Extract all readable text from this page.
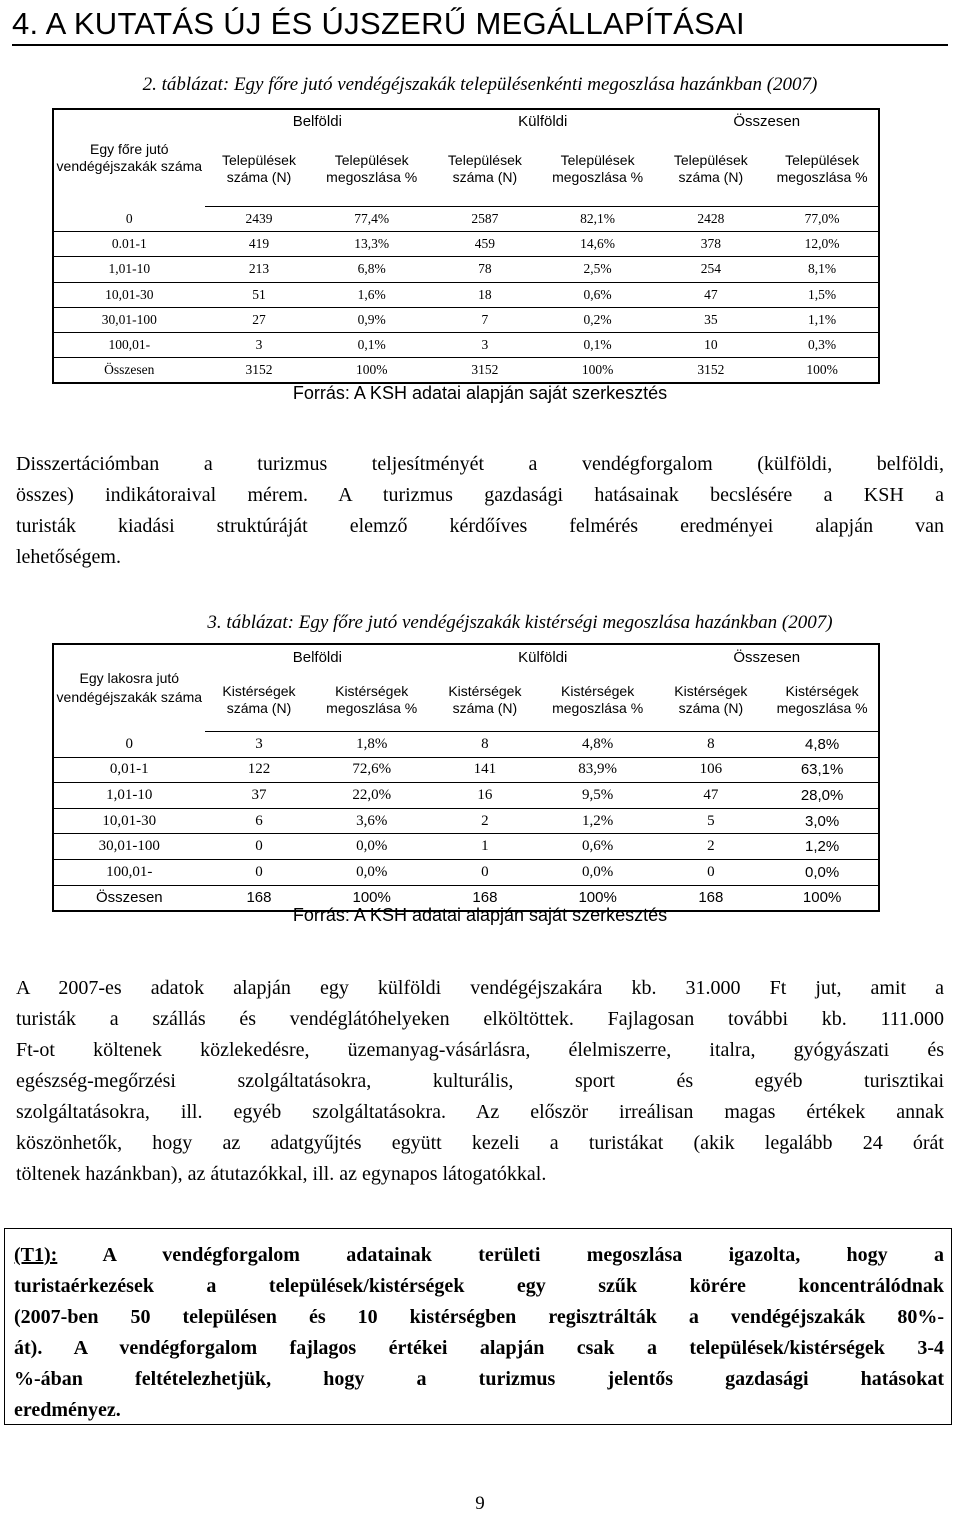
4. A KUTATÁS ÚJ ÉS ÚJSZERŰ MEGÁLLAPÍTÁSAI
2. táblázat: Egy főre jutó vendégéjszakák településenkénti megoszlása hazánkban (2007)
Egy főre jutó vendégéjszakák száma	Belföldi		Külföldi		Összesen	
	Települések száma (N)	Települések megoszlása %	Települések száma (N)	Települések megoszlása %	Települések száma (N)	Települések megoszlása %
0	2439	77,4%	2587	82,1%	2428	77,0%
0.01-1	419	13,3%	459	14,6%	378	12,0%
1,01-10	213	6,8%	78	2,5%	254	8,1%
10,01-30	51	1,6%	18	0,6%	47	1,5%
30,01-100	27	0,9%	7	0,2%	35	1,1%
100,01-	3	0,1%	3	0,1%	10	0,3%
Összesen	3152	100%	3152	100%	3152	100%
Forrás: A KSH adatai alapján saját szerkesztés
Disszertációmban a turizmus teljesítményét a vendégforgalom (külföldi, belföldi,
összes) indikátoraival mérem. A turizmus gazdasági hatásainak becslésére a KSH a
turisták kiadási struktúráját elemző kérdőíves felmérés eredményei alapján van
lehetőségem.
3. táblázat: Egy főre jutó vendégéjszakák kistérségi megoszlása hazánkban (2007)
Egy lakosra jutó vendégéjszakák száma	Belföldi		Külföldi		Összesen	
	Kistérségek száma (N)	Kistérségek megoszlása %	Kistérségek száma (N)	Kistérségek megoszlása %	Kistérségek száma (N)	Kistérségek megoszlása %
0	3	1,8%	8	4,8%	8	4,8%
0,01-1	122	72,6%	141	83,9%	106	63,1%
1,01-10	37	22,0%	16	9,5%	47	28,0%
10,01-30	6	3,6%	2	1,2%	5	3,0%
30,01-100	0	0,0%	1	0,6%	2	1,2%
100,01-	0	0,0%	0	0,0%	0	0,0%
Összesen	168	100%	168	100%	168	100%
Forrás: A KSH adatai alapján saját szerkesztés
A 2007-es adatok alapján egy külföldi vendégéjszakára kb. 31.000 Ft jut, amit a
turisták a szállás és vendéglátóhelyeken elköltöttek. Fajlagosan további kb. 111.000
Ft-ot költenek közlekedésre, üzemanyag-vásárlásra, élelmiszerre, italra, gyógyászati és
egészség-megőrzési szolgáltatásokra, kulturális, sport és egyéb turisztikai
szolgáltatásokra, ill. egyéb szolgáltatásokra. Az először irreálisan magas értékek annak
köszönhetők, hogy az adatgyűjtés együtt kezeli a turistákat (akik legalább 24 órát
töltenek hazánkban), az átutazókkal, ill. az egynapos látogatókkal.
(T1): A vendégforgalom adatainak területi megoszlása igazolta, hogy a
turistaérkezések a települések/kistérségek egy szűk körére koncentrálódnak
(2007-ben 50 településen és 10 kistérségben regisztrálták a vendégéjszakák 80%-
át). A vendégforgalom fajlagos értékei alapján csak a települések/kistérségek 3-4
%-ában feltételezhetjük, hogy a turizmus jelentős gazdasági hatásokat
eredményez.
9
